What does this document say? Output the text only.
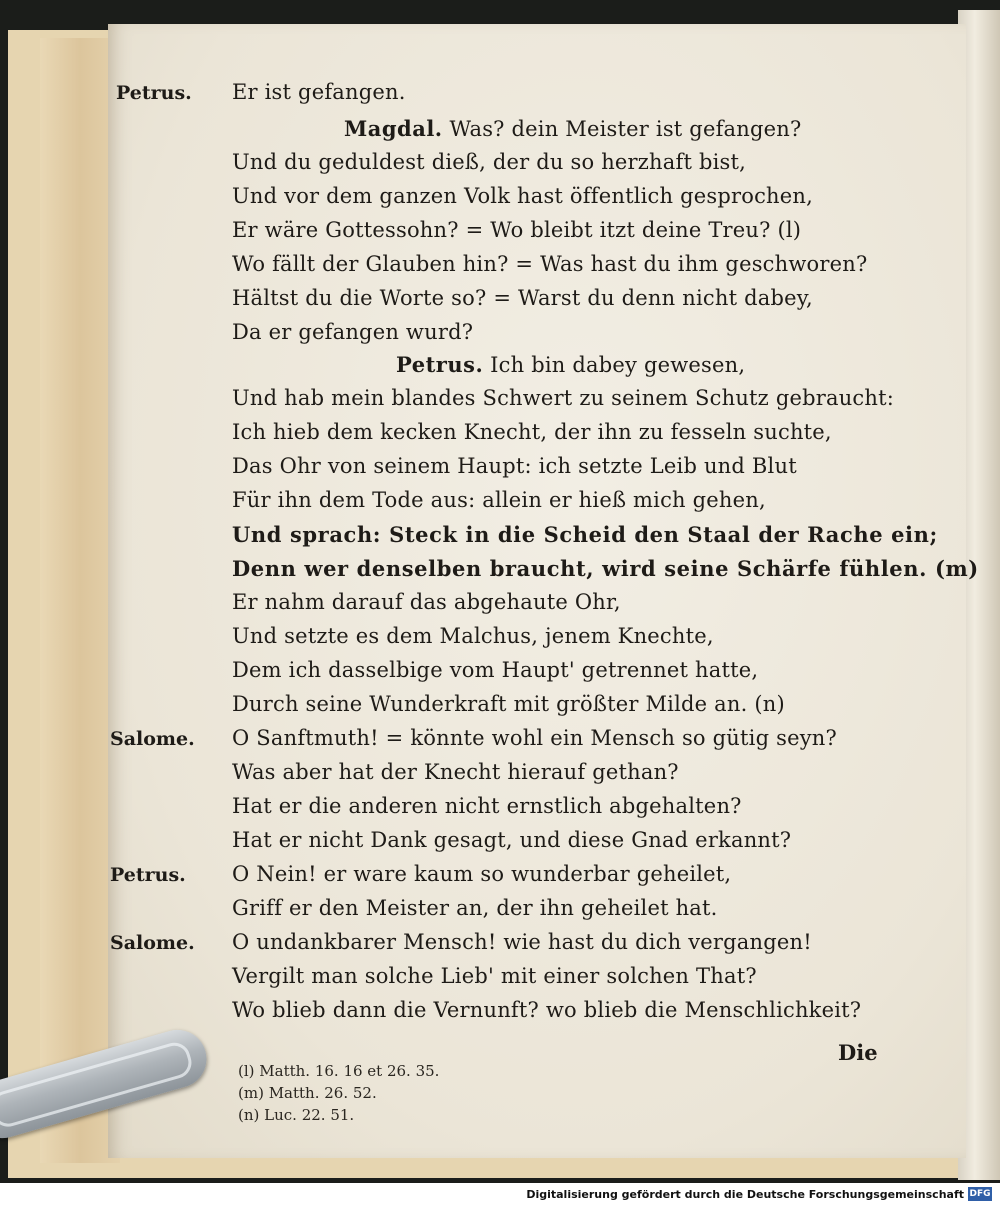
Petrus. Er ist gefangen.
Magdal. Was? dein Meister ist gefangen?
Und du geduldest dieß, der du so herzhaft bist,
Und vor dem ganzen Volk hast öffentlich gesprochen,
Er wäre Gottessohn? = Wo bleibt itzt deine Treu? (l)
Wo fällt der Glauben hin? = Was hast du ihm geschworen?
Hältst du die Worte so? = Warst du denn nicht dabey,
Da er gefangen wurd?
Petrus. Ich bin dabey gewesen,
Und hab mein blandes Schwert zu seinem Schutz gebraucht:
Ich hieb dem kecken Knecht, der ihn zu fesseln suchte,
Das Ohr von seinem Haupt: ich setzte Leib und Blut
Für ihn dem Tode aus: allein er hieß mich gehen,
Und sprach: Steck in die Scheid den Staal der Rache ein;
Denn wer denselben braucht, wird seine Schärfe fühlen. (m)
Er nahm darauf das abgehaute Ohr,
Und setzte es dem Malchus, jenem Knechte,
Dem ich dasselbige vom Haupt' getrennet hatte,
Durch seine Wunderkraft mit größter Milde an. (n)
Salome. O Sanftmuth! = könnte wohl ein Mensch so gütig seyn?
Was aber hat der Knecht hierauf gethan?
Hat er die anderen nicht ernstlich abgehalten?
Hat er nicht Dank gesagt, und diese Gnad erkannt?
Petrus. O Nein! er ware kaum so wunderbar geheilet,
Griff er den Meister an, der ihn geheilet hat.
Salome. O undankbarer Mensch! wie hast du dich vergangen!
Vergilt man solche Lieb' mit einer solchen That?
Wo blieb dann die Vernunft? wo blieb die Menschlichkeit?
(l) Matth. 16. 16 et 26. 35.
(m) Matth. 26. 52.
(n) Luc. 22. 51.
Die
Digitalisierung gefördert durch die Deutsche Forschungsgemeinschaft DFG
